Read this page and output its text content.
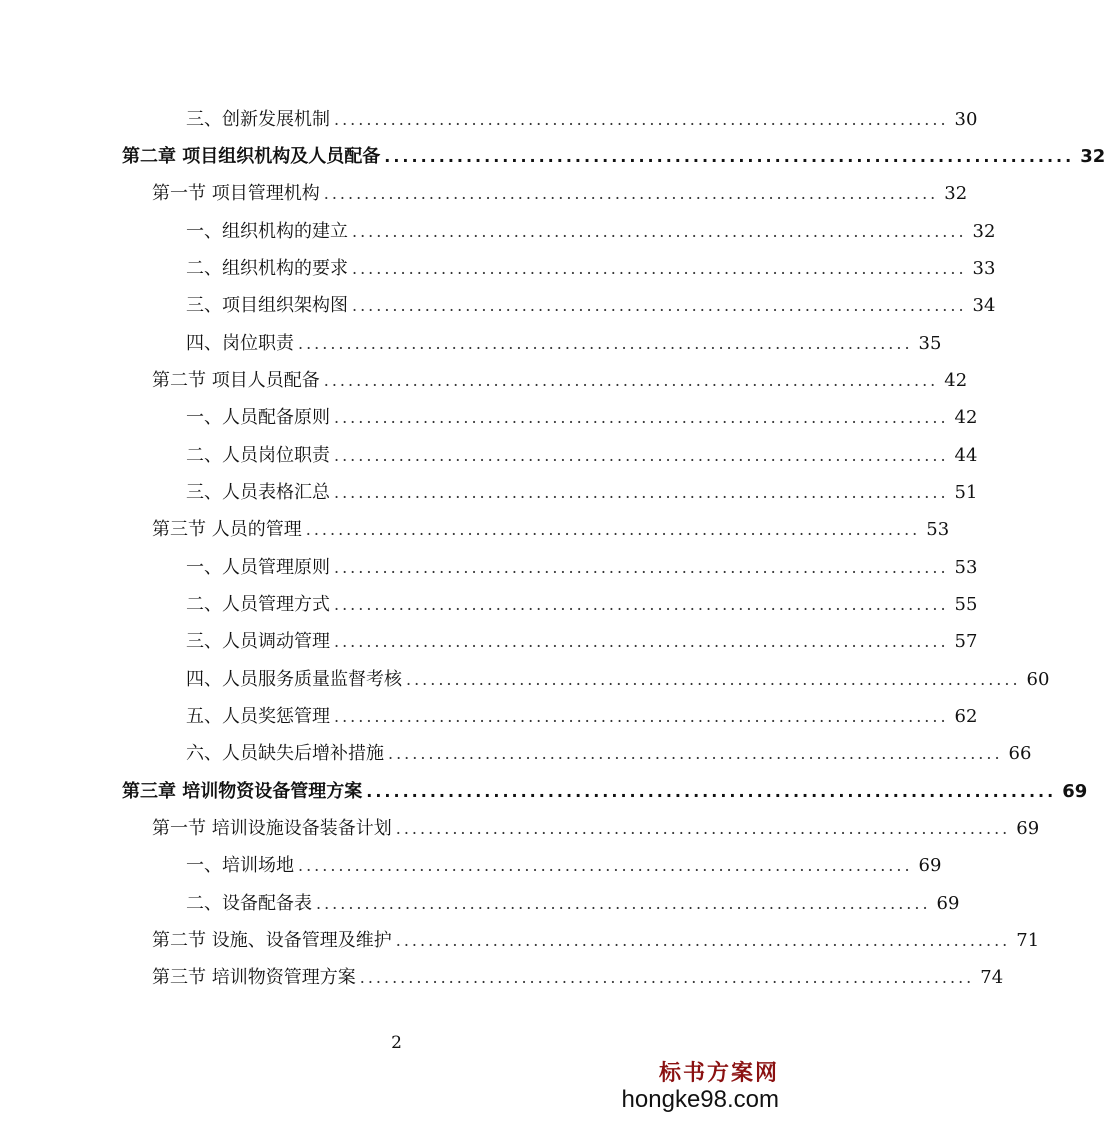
三、创新发展机制 ............................................................................ 30
第二章 项目组织机构及人员配备 ............................................................................ 32
第一节 项目管理机构 ............................................................................ 32
一、组织机构的建立 ............................................................................ 32
二、组织机构的要求 ............................................................................ 33
三、项目组织架构图 ............................................................................ 34
四、岗位职责 ............................................................................ 35
第二节 项目人员配备 ............................................................................ 42
一、人员配备原则 ............................................................................ 42
二、人员岗位职责 ............................................................................ 44
三、人员表格汇总 ............................................................................ 51
第三节 人员的管理 ............................................................................ 53
一、人员管理原则 ............................................................................ 53
二、人员管理方式 ............................................................................ 55
三、人员调动管理 ............................................................................ 57
四、人员服务质量监督考核 ............................................................................ 60
五、人员奖惩管理 ............................................................................ 62
六、人员缺失后增补措施 ............................................................................ 66
第三章 培训物资设备管理方案 ............................................................................ 69
第一节 培训设施设备装备计划 ............................................................................ 69
一、培训场地 ............................................................................ 69
二、设备配备表 ............................................................................ 69
第二节 设施、设备管理及维护 ............................................................................ 71
第三节 培训物资管理方案 ............................................................................ 74
2
标书方案网
hongke98.com
